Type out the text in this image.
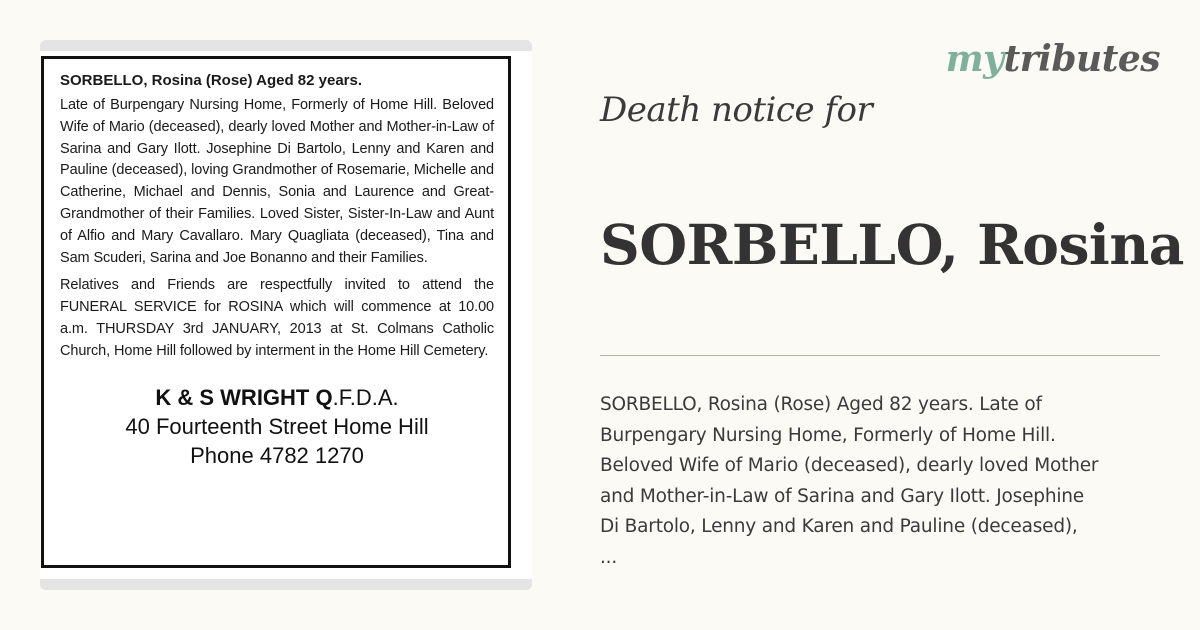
SORBELLO, Rosina (Rose) Aged 82 years.

Late of Burpengary Nursing Home, Formerly of Home Hill. Beloved Wife of Mario (deceased), dearly loved Mother and Mother-in-Law of Sarina and Gary Ilott. Josephine Di Bartolo, Lenny and Karen and Pauline (deceased), loving Grandmother of Rosemarie, Michelle and Catherine, Michael and Dennis, Sonia and Laurence and Great-Grandmother of their Families. Loved Sister, Sister-In-Law and Aunt of Alfio and Mary Cavallaro. Mary Quagliata (deceased), Tina and Sam Scuderi, Sarina and Joe Bonanno and their Families.

Relatives and Friends are respectfully invited to attend the FUNERAL SERVICE for ROSINA which will commence at 10.00 a.m. THURSDAY 3rd JANUARY, 2013 at St. Colmans Catholic Church, Home Hill followed by interment in the Home Hill Cemetery.

K & S WRIGHT Q.F.D.A.
40 Fourteenth Street Home Hill
Phone 4782 1270
mytributes
Death notice for
SORBELLO, Rosina
SORBELLO, Rosina (Rose) Aged 82 years. Late of
Burpengary Nursing Home, Formerly of Home Hill.
Beloved Wife of Mario (deceased), dearly loved Mother
and Mother-in-Law of Sarina and Gary Ilott. Josephine
Di Bartolo, Lenny and Karen and Pauline (deceased),
...
